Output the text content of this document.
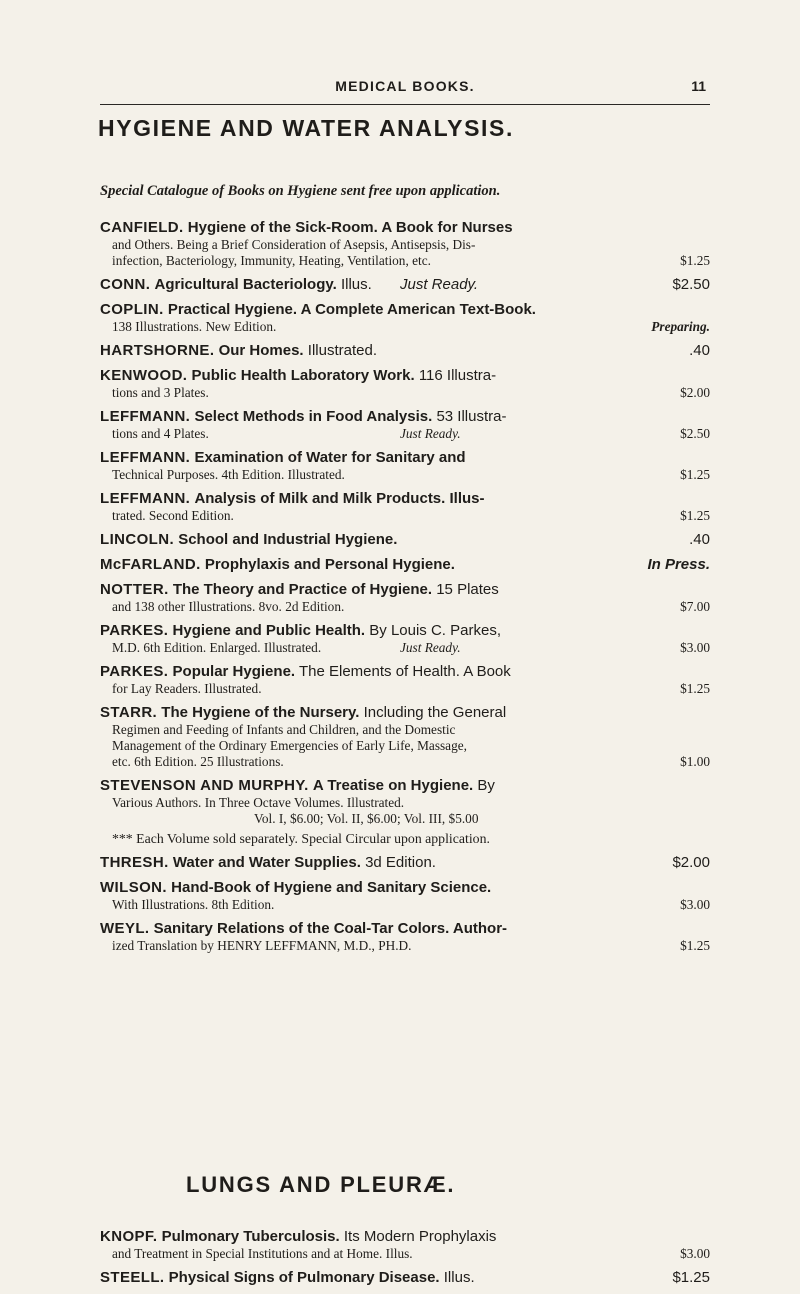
MEDICAL BOOKS.	11
HYGIENE AND WATER ANALYSIS.
Special Catalogue of Books on Hygiene sent free upon application.
CANFIELD. Hygiene of the Sick-Room. A Book for Nurses
and Others. Being a Brief Consideration of Asepsis, Antisepsis, Dis-
infection, Bacteriology, Immunity, Heating, Ventilation, etc.	$1.25
CONN. Agricultural Bacteriology. Illus. Just Ready.	$2.50
COPLIN. Practical Hygiene. A Complete American Text-Book.
138 Illustrations. New Edition.	Preparing.
HARTSHORNE. Our Homes. Illustrated.	.40
KENWOOD. Public Health Laboratory Work. 116 Illustra-
tions and 3 Plates.	$2.00
LEFFMANN. Select Methods in Food Analysis. 53 Illustra-
tions and 4 Plates.	Just Ready.	$2.50
LEFFMANN. Examination of Water for Sanitary and
Technical Purposes. 4th Edition. Illustrated.	$1.25
LEFFMANN. Analysis of Milk and Milk Products. Illus-
trated. Second Edition.	$1.25
LINCOLN. School and Industrial Hygiene.	.40
McFARLAND. Prophylaxis and Personal Hygiene.	In Press.
NOTTER. The Theory and Practice of Hygiene. 15 Plates
and 138 other Illustrations. 8vo. 2d Edition.	$7.00
PARKES. Hygiene and Public Health. By Louis C. Parkes,
M.D. 6th Edition. Enlarged. Illustrated.	Just Ready.	$3.00
PARKES. Popular Hygiene. The Elements of Health. A Book
for Lay Readers. Illustrated.	$1.25
STARR. The Hygiene of the Nursery. Including the General
Regimen and Feeding of Infants and Children, and the Domestic
Management of the Ordinary Emergencies of Early Life, Massage,
etc. 6th Edition. 25 Illustrations.	$1.00
STEVENSON AND MURPHY. A Treatise on Hygiene. By
Various Authors. In Three Octave Volumes. Illustrated.
Vol. I, $6.00; Vol. II, $6.00; Vol. III, $5.00
*** Each Volume sold separately. Special Circular upon application.
THRESH. Water and Water Supplies. 3d Edition.	$2.00
WILSON. Hand-Book of Hygiene and Sanitary Science.
With Illustrations. 8th Edition.	$3.00
WEYL. Sanitary Relations of the Coal-Tar Colors. Author-
ized Translation by HENRY LEFFMANN, M.D., PH.D.	$1.25
LUNGS AND PLEURÆ.
KNOPF. Pulmonary Tuberculosis. Its Modern Prophylaxis
and Treatment in Special Institutions and at Home. Illus.	$3.00
STEELL. Physical Signs of Pulmonary Disease. Illus.	$1.25
